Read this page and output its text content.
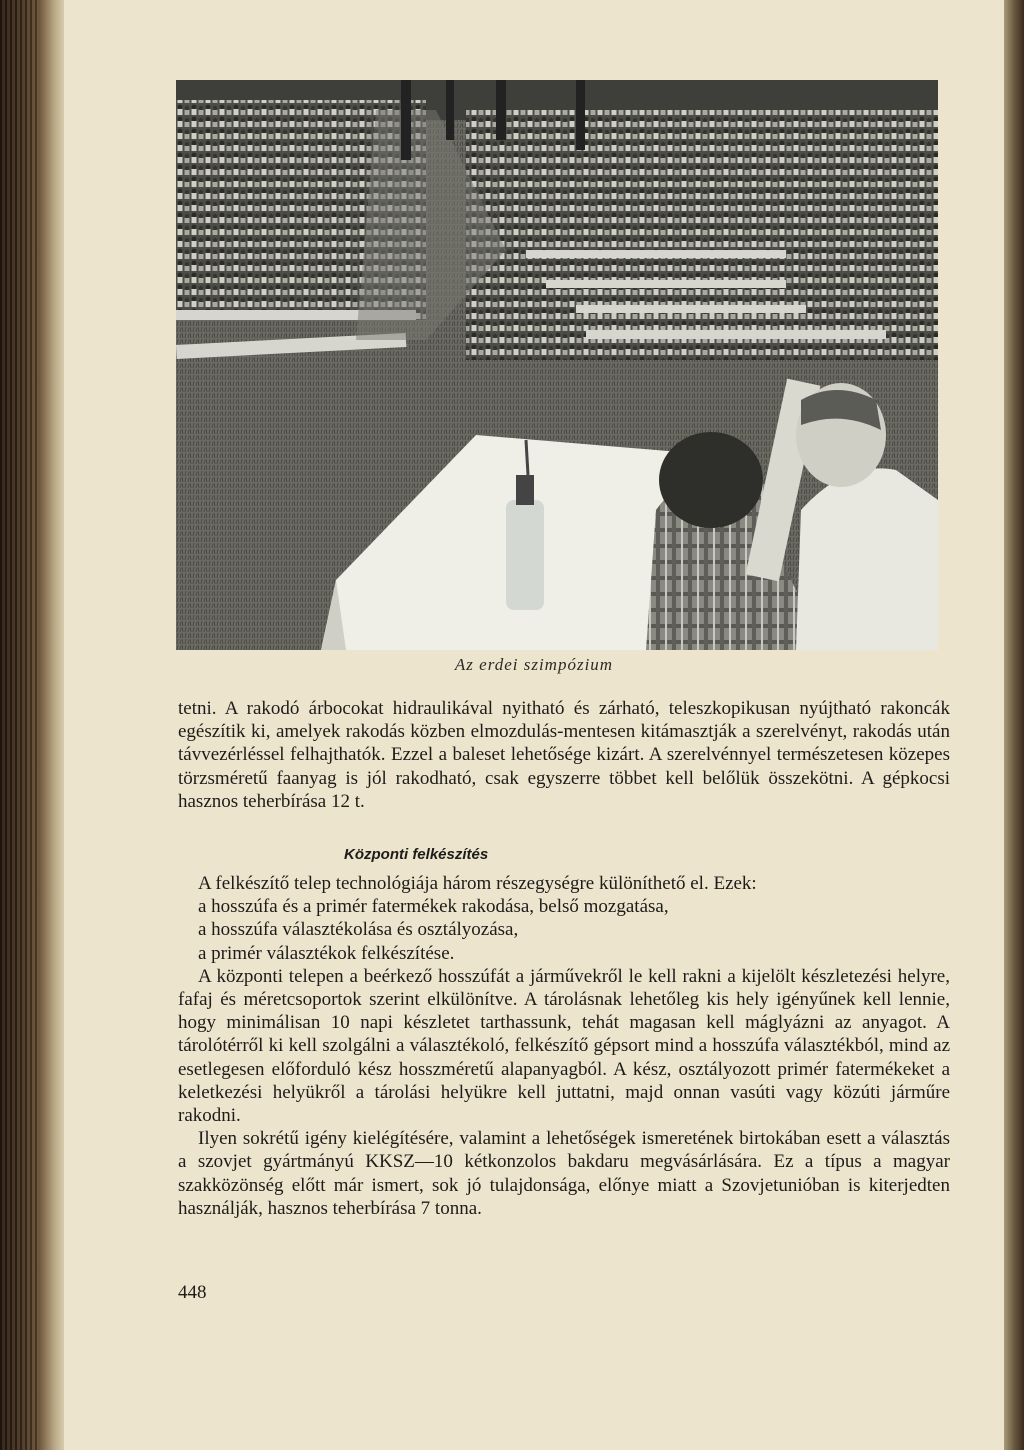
Az erdei szimpózium

tetni. A rakodó árbocokat hidraulikával nyitható és zárható, teleszkopikusan nyújtható rakoncák egészítik ki, amelyek rakodás közben elmozdulás-mentesen kitámasztják a szerelvényt, rakodás után távvezérléssel felhajthatók. Ezzel a baleset lehetősége kizárt. A szerelvénnyel természetesen közepes törzsméretű faanyag is jól rakodható, csak egyszerre többet kell belőlük összekötni. A gépkocsi hasznos teherbírása 12 t.

Központi felkészítés

A felkészítő telep technológiája három részegységre különíthető el. Ezek:

a hosszúfa és a primér fatermékek rakodása, belső mozgatása,

a hosszúfa választékolása és osztályozása,

a primér választékok felkészítése.

A központi telepen a beérkező hosszúfát a járművekről le kell rakni a kijelölt készletezési helyre, fafaj és méretcsoportok szerint elkülönítve. A tárolásnak lehetőleg kis hely igényűnek kell lennie, hogy minimálisan 10 napi készletet tarthassunk, tehát magasan kell máglyázni az anyagot. A tárolótérről ki kell szolgálni a választékoló, felkészítő gépsort mind a hosszúfa választékból, mind az esetlegesen előforduló kész hosszméretű alapanyagból. A kész, osztályozott primér fatermékeket a keletkezési helyükről a tárolási helyükre kell juttatni, majd onnan vasúti vagy közúti járműre rakodni.

Ilyen sokrétű igény kielégítésére, valamint a lehetőségek ismeretének birtokában esett a választás a szovjet gyártmányú KKSZ—10 kétkonzolos bakdaru megvásárlására. Ez a típus a magyar szakközönség előtt már ismert, sok jó tulajdonsága, előnye miatt a Szovjetunióban is kiterjedten használják, hasznos teherbírása 7 tonna.

448
